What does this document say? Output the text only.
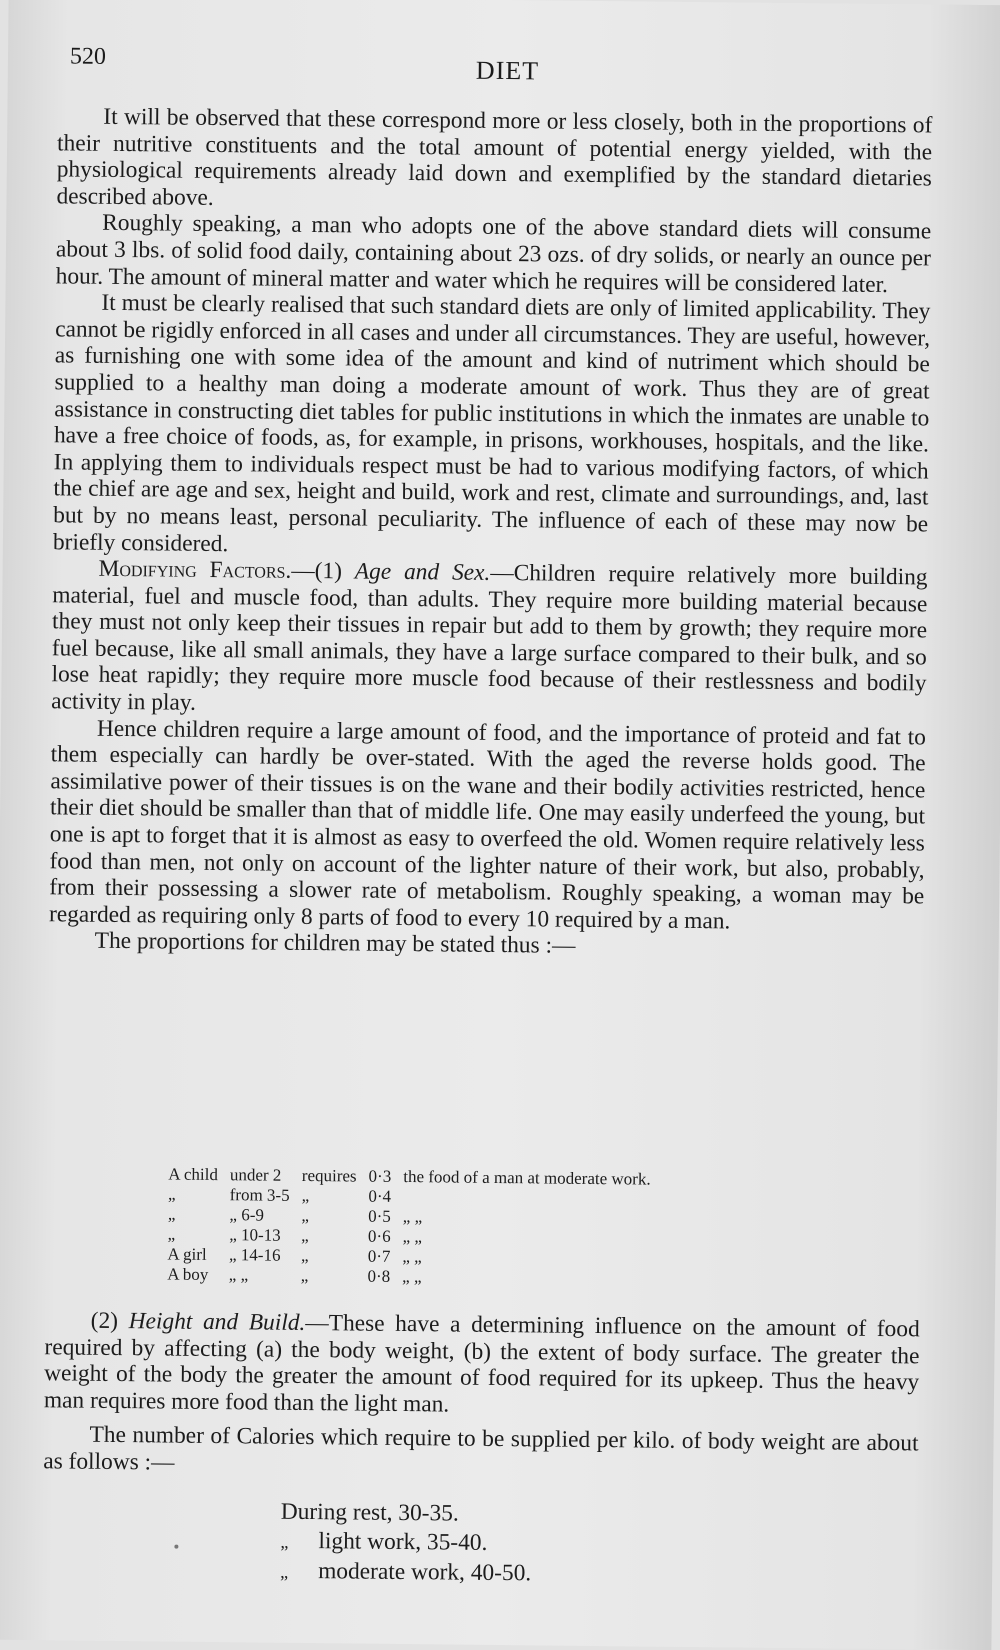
520	DIET

It will be observed that these correspond more or less closely, both in the proportions of their nutritive constituents and the total amount of potential energy yielded, with the physiological requirements already laid down and exemplified by the standard dietaries described above.

Roughly speaking, a man who adopts one of the above standard diets will consume about 3 lbs. of solid food daily, containing about 23 ozs. of dry solids, or nearly an ounce per hour. The amount of mineral matter and water which he requires will be considered later.

It must be clearly realised that such standard diets are only of limited applicability. They cannot be rigidly enforced in all cases and under all circumstances. They are useful, however, as furnishing one with some idea of the amount and kind of nutriment which should be supplied to a healthy man doing a moderate amount of work. Thus they are of great assistance in constructing diet tables for public institutions in which the inmates are unable to have a free choice of foods, as, for example, in prisons, workhouses, hospitals, and the like. In applying them to individuals respect must be had to various modifying factors, of which the chief are age and sex, height and build, work and rest, climate and surroundings, and, last but by no means least, personal peculiarity. The influence of each of these may now be briefly considered.

Modifying Factors.—(1) Age and Sex.—Children require relatively more building material, fuel and muscle food, than adults. They require more building material because they must not only keep their tissues in repair but add to them by growth; they require more fuel because, like all small animals, they have a large surface compared to their bulk, and so lose heat rapidly; they require more muscle food because of their restlessness and bodily activity in play.

Hence children require a large amount of food, and the importance of proteid and fat to them especially can hardly be over-stated. With the aged the reverse holds good. The assimilative power of their tissues is on the wane and their bodily activities restricted, hence their diet should be smaller than that of middle life. One may easily underfeed the young, but one is apt to forget that it is almost as easy to overfeed the old. Women require relatively less food than men, not only on account of the lighter nature of their work, but also, probably, from their possessing a slower rate of metabolism. Roughly speaking, a woman may be regarded as requiring only 8 parts of food to every 10 required by a man.

The proportions for children may be stated thus :—

A child	under 2	requires	0·3	the food of a man at moderate work.
„	from 3-5	„	0·4	
„	„ 6-9	„	0·5	„ „
„	„ 10-13	„	0·6	„ „
A girl	„ 14-16	„	0·7	„ „
A boy	„ „	„	0·8	„ „

(2) Height and Build.—These have a determining influence on the amount of food required by affecting (a) the body weight, (b) the extent of body surface. The greater the weight of the body the greater the amount of food required for its upkeep. Thus the heavy man requires more food than the light man.

The number of Calories which require to be supplied per kilo. of body weight are about as follows :—

During rest, 30-35.
„ light work, 35-40.
„ moderate work, 40-50.
